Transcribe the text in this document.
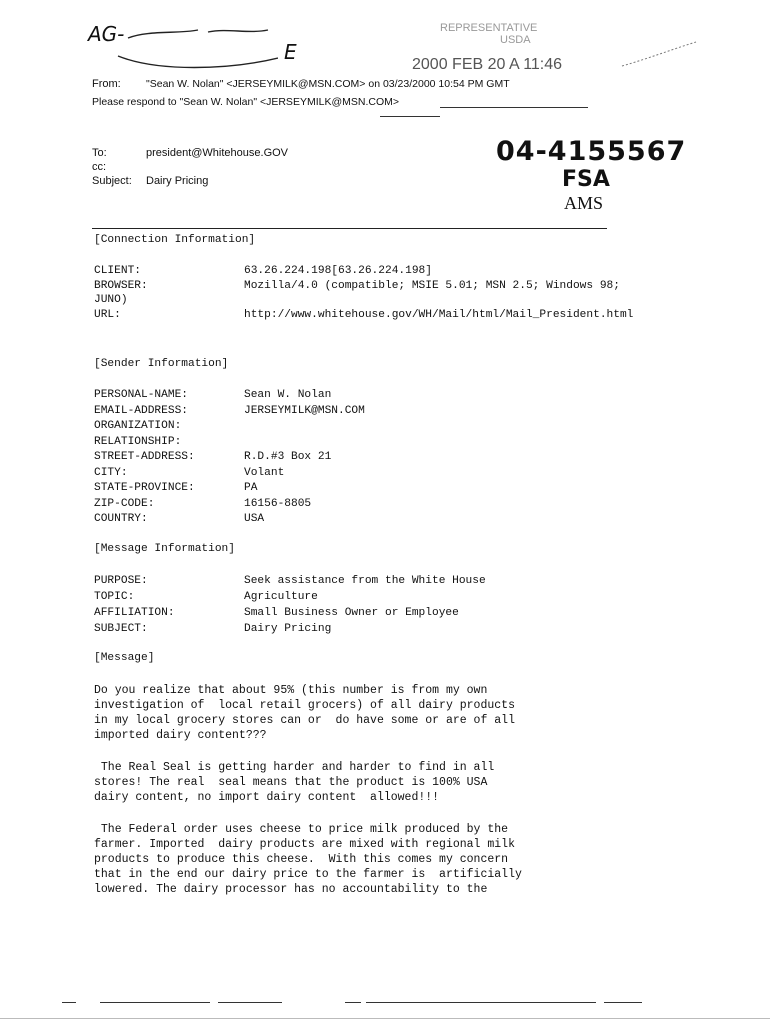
AG-
E
REPRESENTATIVE
USDA
2000 FEB 20 A 11:46
From: "Sean W. Nolan" <JERSEYMILK@MSN.COM> on 03/23/2000 10:54 PM GMT
Please respond to "Sean W. Nolan" <JERSEYMILK@MSN.COM>
To:	president@Whitehouse.GOV
cc:
Subject: Dairy Pricing
04-4155567
FSA
AMS
[Connection Information]
CLIENT:	63.26.224.198[63.26.224.198]
BROWSER:	Mozilla/4.0 (compatible; MSIE 5.01; MSN 2.5; Windows 98;
JUNO)
URL:	http://www.whitehouse.gov/WH/Mail/html/Mail_President.html
[Sender Information]
PERSONAL-NAME:	Sean W. Nolan
EMAIL-ADDRESS:	JERSEYMILK@MSN.COM
ORGANIZATION:
RELATIONSHIP:
STREET-ADDRESS:	R.D.#3 Box 21
CITY:	Volant
STATE-PROVINCE:	PA
ZIP-CODE:	16156-8805
COUNTRY:	USA
[Message Information]
PURPOSE:	Seek assistance from the White House
TOPIC:	Agriculture
AFFILIATION:	Small Business Owner or Employee
SUBJECT:	Dairy Pricing
[Message]
Do you realize that about 95% (this number is from my own
investigation of  local retail grocers) of all dairy products
in my local grocery stores can or  do have some or are of all
imported dairy content???
The Real Seal is getting harder and harder to find in all
stores! The real  seal means that the product is 100% USA
dairy content, no import dairy content  allowed!!!
The Federal order uses cheese to price milk produced by the
farmer. Imported  dairy products are mixed with regional milk
products to produce this cheese.  With this comes my concern
that in the end our dairy price to the farmer is  artificially
lowered. The dairy processor has no accountability to the
